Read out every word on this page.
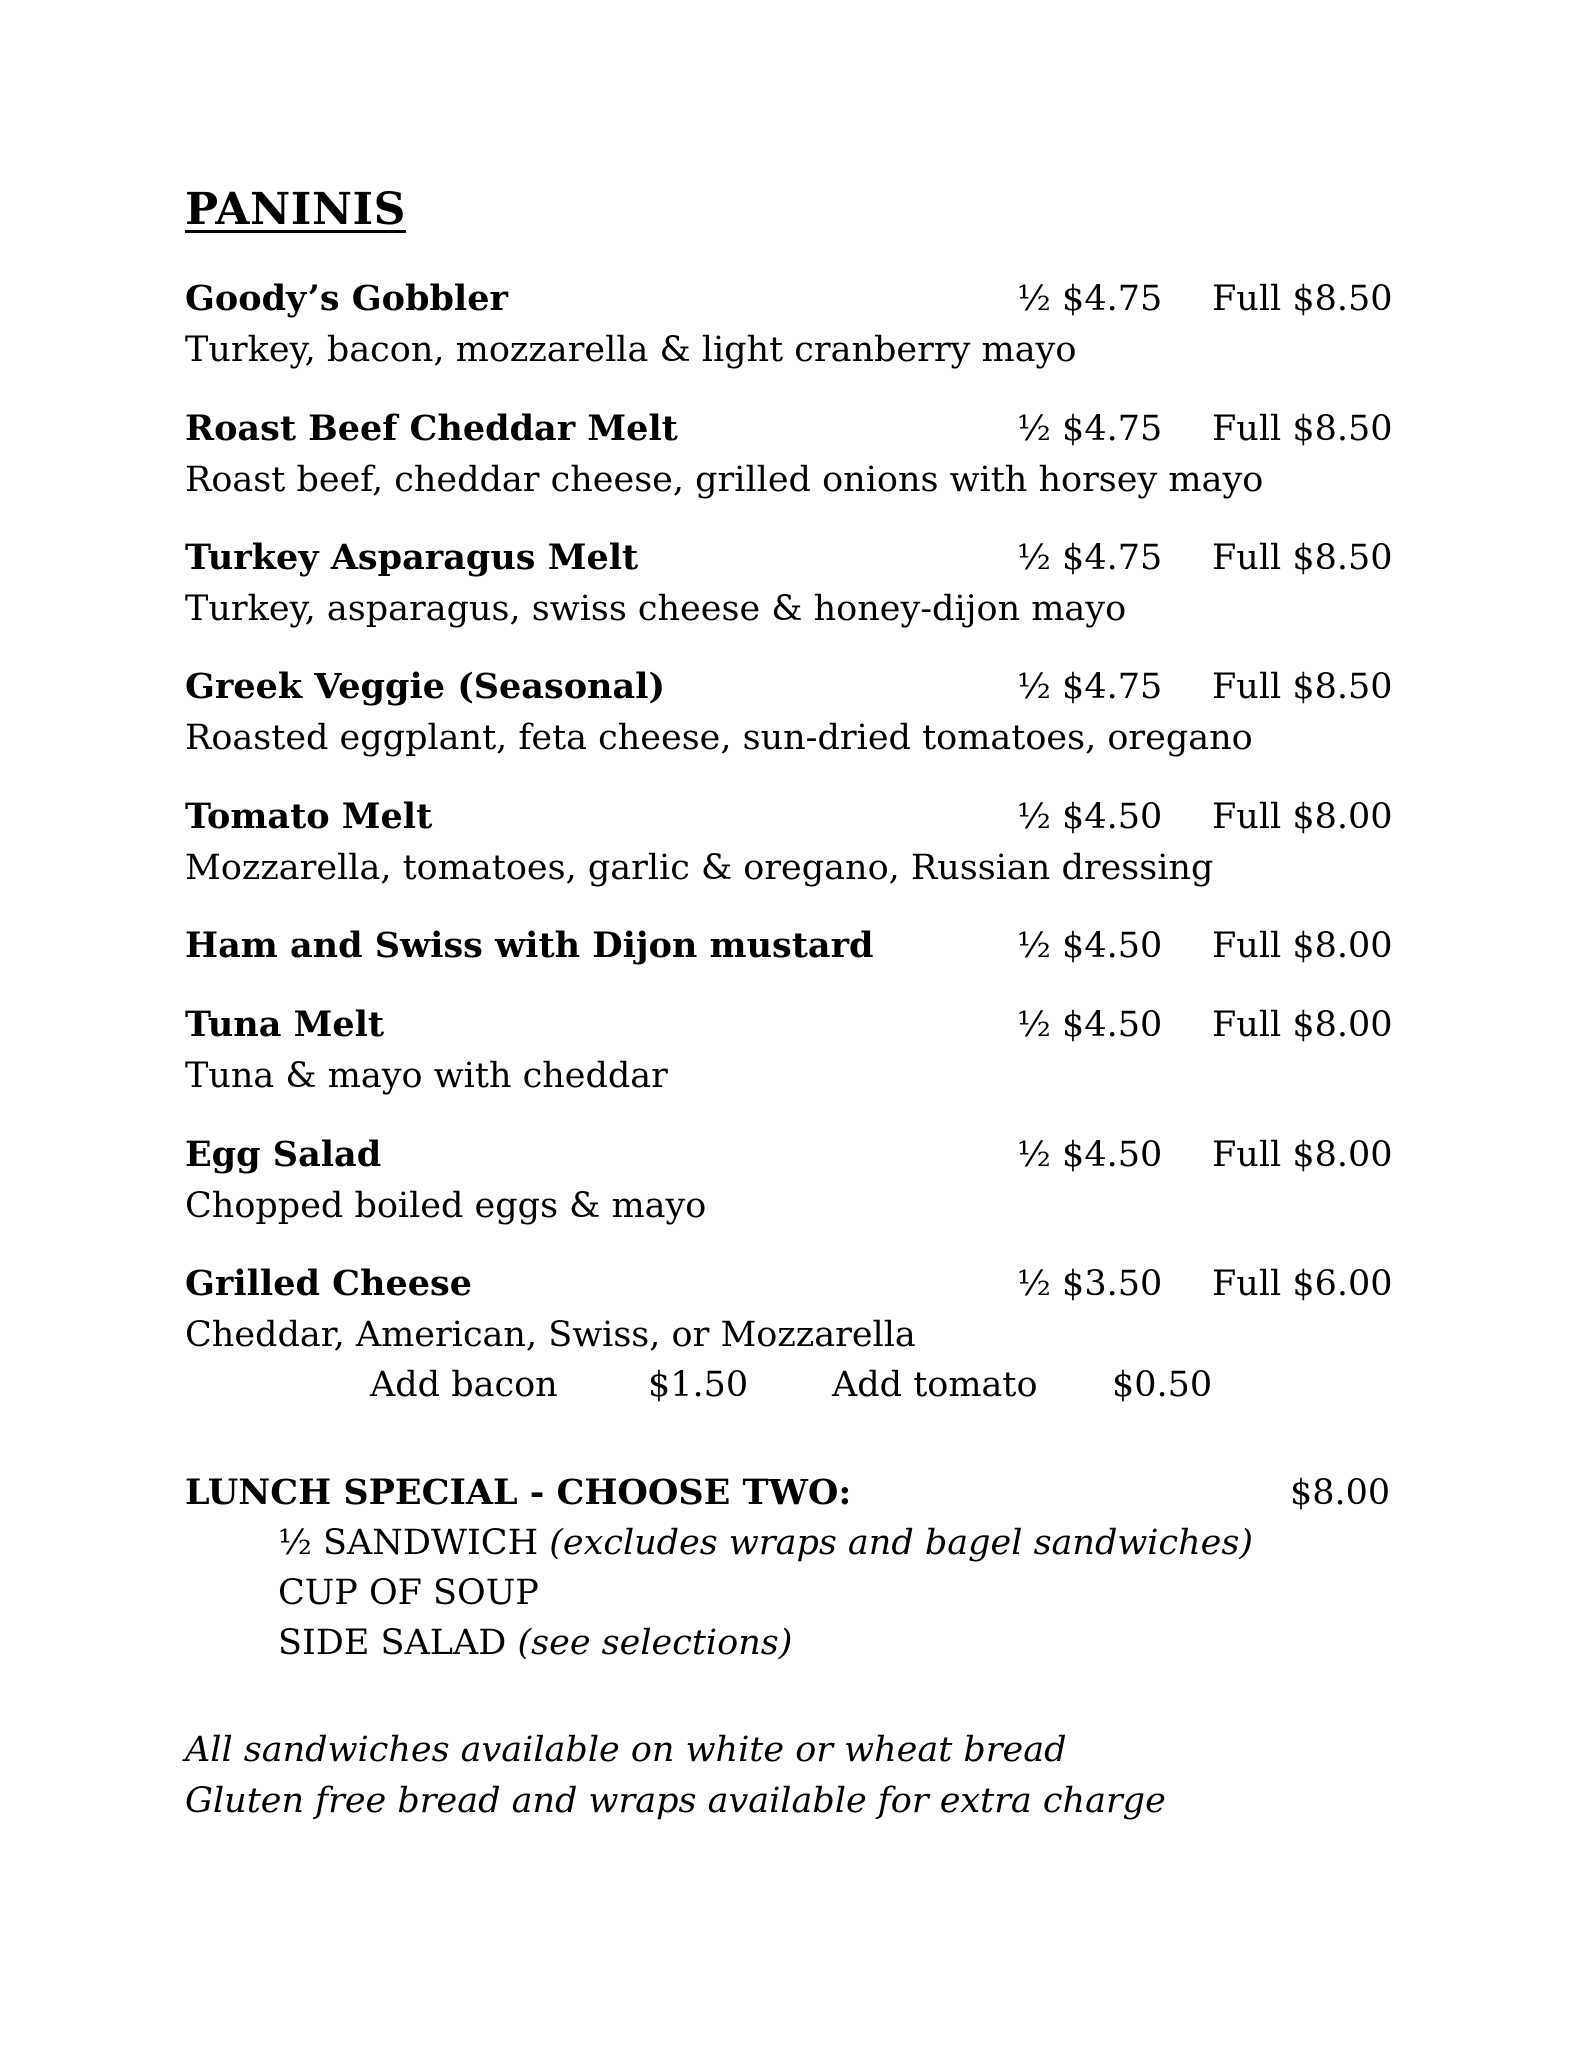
PANINIS
Goody’s Gobbler	½ $4.75 Full $8.50
Turkey, bacon, mozzarella & light cranberry mayo
Roast Beef Cheddar Melt	½ $4.75 Full $8.50
Roast beef, cheddar cheese, grilled onions with horsey mayo
Turkey Asparagus Melt	½ $4.75 Full $8.50
Turkey, asparagus, swiss cheese & honey-dijon mayo
Greek Veggie (Seasonal)	½ $4.75 Full $8.50
Roasted eggplant, feta cheese, sun-dried tomatoes, oregano
Tomato Melt	½ $4.50 Full $8.00
Mozzarella, tomatoes, garlic & oregano, Russian dressing
Ham and Swiss with Dijon mustard	½ $4.50 Full $8.00
Tuna Melt	½ $4.50 Full $8.00
Tuna & mayo with cheddar
Egg Salad	½ $4.50 Full $8.00
Chopped boiled eggs & mayo
Grilled Cheese	½ $3.50 Full $6.00
Cheddar, American, Swiss, or Mozzarella
Add bacon	$1.50 Add tomato $0.50
LUNCH SPECIAL - CHOOSE TWO:	$8.00
½ SANDWICH (excludes wraps and bagel sandwiches)
CUP OF SOUP
SIDE SALAD (see selections)
All sandwiches available on white or wheat bread
Gluten free bread and wraps available for extra charge
